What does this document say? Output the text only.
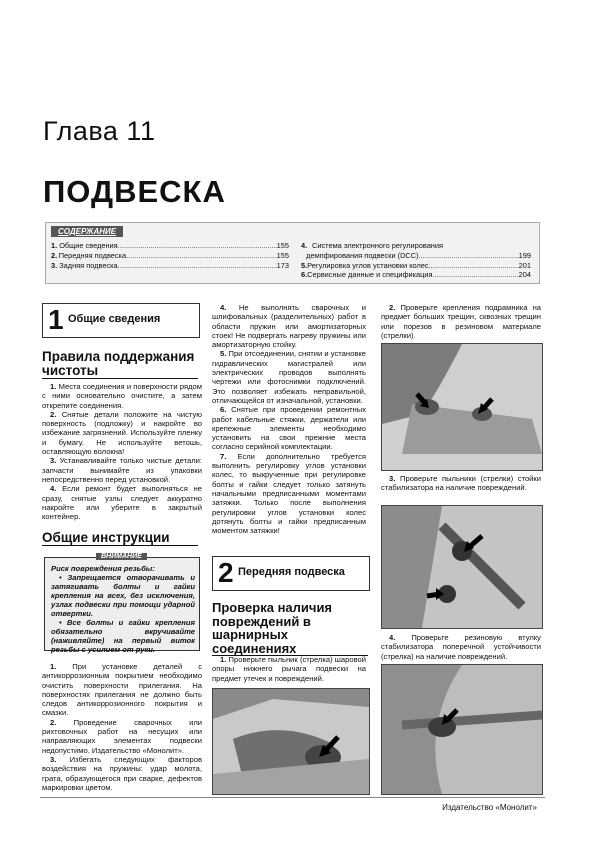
Глава 11
ПОДВЕСКА
СОДЕРЖАНИЕ
1. Общие сведения .....	155
2. Передняя подвеска .....	155
3. Задняя подвеска .....	173
4. Система электронного регулирования
демпфирования подвески (DCC) .....	199
5. Регулировка углов установки колес .....	201
6. Сервисные данные и спецификация .....	204
1 Общие сведения
Правила поддержания чистоты

1. Места соединения и поверхности рядом с ними основательно очистите, а затем открепите соединения.

2. Снятые детали положите на чистую поверхность (подложку) и накройте во избежание загрязнений. Используйте пленку и бумагу. Не используйте ветошь, оставляющую волокна!

3. Устанавливайте только чистые детали: запчасти вынимайте из упаковки непосредственно перед установкой.

4. Если ремонт будет выполняться не сразу, снятые узлы следует аккуратно накройте или уберите в закрытый контейнер.

Общие инструкции
ВНИМАНИЕ

Риск повреждения резьбы:

• Запрещается отворачивать и затягивать болты и гайки крепления на всех, без исключения, узлах подвески при помощи ударной отвертки.

• Все болты и гайки крепления обязательно вкручивайте (наживляйте) на первый виток резьбы с усилием от руки.

1. При установке деталей с антикоррозионным покрытием необходимо очистить поверхности прилегания. На поверхностях прилегания не должно быть следов антикоррозионного покрытия и смазки.

2. Проведение сварочных или рихтовочных работ на несущих или направляющих элементах подвески недопустимо. Издательство «Монолит».

3. Избегать следующих факторов воздействия на пружины: удар молота, грата, образующегося при сварке, дефектов маркировки цветом.

4. Не выполнять сварочных и шлифовальных (разделительных) работ в области пружин или амортизаторных стоек! Не подвергать нагреву пружины или амортизаторную стойку.

5. При отсоединении, снятии и установке гидравлических магистралей или электрических проводов выполнять чертежи или фотоснимки подключений. Это позволяет избежать неправильной, отличающейся от изначальной, установки.

6. Снятые при проведении ремонтных работ кабельные стяжки, держатели или крепежные элементы необходимо установить на свои прежние места согласно серийной комплектации.

7. Если дополнительно требуется выполнить регулировку углов установки колес, то выкрученные при регулировке болты и гайки следует только затянуть начальными предписанными моментами затяжки. Только после выполнения регулировки углов установки колес дотянуть болты и гайки предписанным моментом затяжки!

2 Передняя подвеска
Проверка наличия повреждений в шарнирных соединениях

1. Проверьте пыльник (стрелка) шаровой опоры нижнего рычага подвески на предмет утечек и повреждений.

2. Проверьте крепления подрамника на предмет больших трещин, сквозных трещин или порезов в резиновом материале (стрелки).

3. Проверьте пыльники (стрелки) стойки стабилизатора на наличие повреждений.

4. Проверьте резиновую втулку стабилизатора поперечной устойчивости (стрелка) на наличие повреждений.

Издательство «Монолит»
